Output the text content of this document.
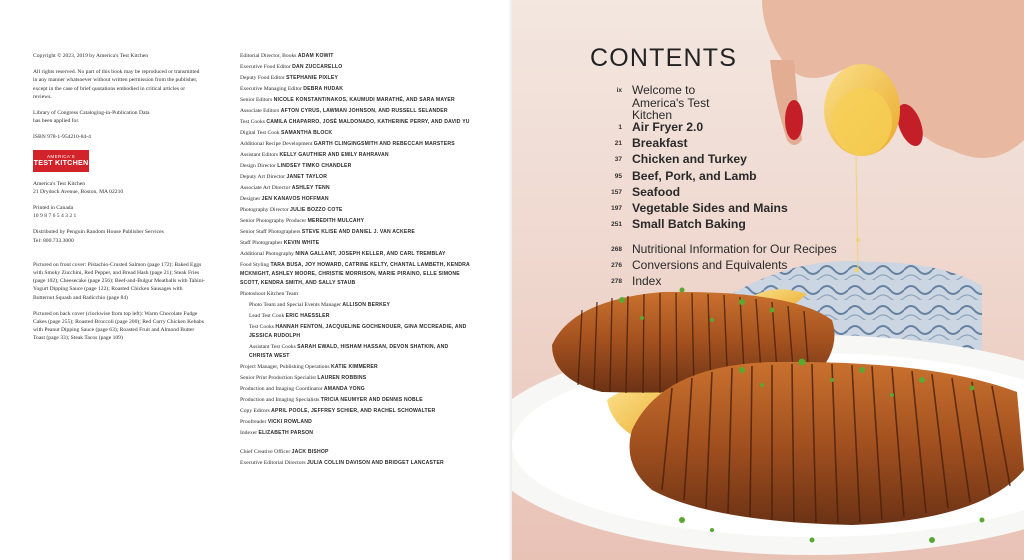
Copyright © 2023, 2019 by America's Test Kitchen

All rights reserved. No part of this book may be reproduced or transmitted in any manner whatsoever without written permission from the publisher, except in the case of brief quotations embodied in critical articles or reviews.

Library of Congress Cataloging-in-Publication Data

has been applied for.

ISBN 978-1-954210-84-4

AMERICA'S
TEST KITCHEN

America's Test Kitchen

21 Drydock Avenue, Boston, MA 02210

Printed in Canada

10 9 8 7 6 5 4 3 2 1

Distributed by Penguin Random House Publisher Services

Tel: 800.733.3000

Pictured on front cover: Pistachio-Crusted Salmon (page 172); Baked Eggs with Smoky Zucchini, Red Pepper, and Bread Hash (page 21); Steak Fries (page 102); Cheesecake (page 256); Beef-and-Bulgur Meatballs with Tahini-Yogurt Dipping Sauce (page 122); Roasted Chicken Sausages with Butternut Squash and Radicchio (page 84)

Pictured on back cover (clockwise from top left): Warm Chocolate Fudge Cakes (page 255); Roasted Broccoli (page 200); Red Curry Chicken Kebabs with Peanut Dipping Sauce (page 63); Roasted Fruit and Almond Butter Toast (page 33); Steak Tacos (page 109)

Editorial Director, Books ADAM KOWIT
Executive Food Editor DAN ZUCCARELLO
Deputy Food Editor STEPHANIE PIXLEY
Executive Managing Editor DEBRA HUDAK
Senior Editors NICOLE KONSTANTINAKOS, KAUMUDI MARATHÉ, AND SARA MAYER
Associate Editors AFTON CYRUS, LAWMAN JOHNSON, AND RUSSELL SELANDER
Test Cooks CAMILA CHAPARRO, JOSÉ MALDONADO, KATHERINE PERRY, AND DAVID YU
Digital Test Cook SAMANTHA BLOCK
Additional Recipe Development GARTH CLINGINGSMITH AND REBECCAH MARSTERS
Assistant Editors KELLY GAUTHIER AND EMILY RAHRAVAN
Design Director LINDSEY TIMKO CHANDLER
Deputy Art Director JANET TAYLOR
Associate Art Director ASHLEY TENN
Designer JEN KANAVOS HOFFMAN
Photography Director JULIE BOZZO COTE
Senior Photography Producer MEREDITH MULCAHY
Senior Staff Photographers STEVE KLISE AND DANIEL J. VAN ACKERE
Staff Photographer KEVIN WHITE
Additional Photography NINA GALLANT, JOSEPH KELLER, AND CARL TREMBLAY
Food Styling TARA BUSA, JOY HOWARD, CATRINE KELTY, CHANTAL LAMBETH, KENDRA MCKNIGHT, ASHLEY MOORE, CHRISTIE MORRISON, MARIE PIRAINO, ELLE SIMONE SCOTT, KENDRA SMITH, AND SALLY STAUB
Photoshoot Kitchen Team
Photo Team and Special Events Manager ALLISON BERKEY
Lead Test Cook ERIC HAESSLER
Test Cooks HANNAH FENTON, JACQUELINE GOCHENOUER, GINA MCCREADIE, AND JESSICA RUDOLPH
Assistant Test Cooks SARAH EWALD, HISHAM HASSAN, DEVON SHATKIN, AND CHRISTA WEST
Project Manager, Publishing Operations KATIE KIMMERER
Senior Print Production Specialist LAUREN ROBBINS
Production and Imaging Coordinator AMANDA YONG
Production and Imaging Specialists TRICIA NEUMYER AND DENNIS NOBLE
Copy Editors APRIL POOLE, JEFFREY SCHIER, AND RACHEL SCHOWALTER
Proofreader VICKI ROWLAND
Indexer ELIZABETH PARSON
Chief Creative Officer JACK BISHOP
Executive Editorial Directors JULIA COLLIN DAVISON AND BRIDGET LANCASTER
CONTENTS
ix Welcome to America's Test Kitchen
1 Air Fryer 2.0
21 Breakfast
37 Chicken and Turkey
95 Beef, Pork, and Lamb
157 Seafood
197 Vegetable Sides and Mains
251 Small Batch Baking
268 Nutritional Information for Our Recipes
276 Conversions and Equivalents
278 Index
